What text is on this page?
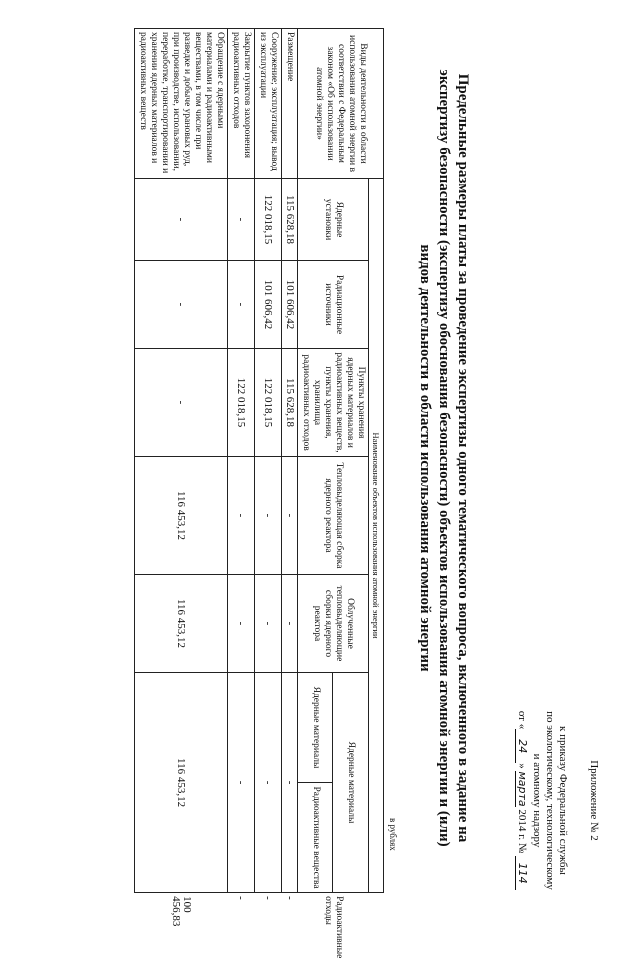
Приложение № 2
к приказу Федеральной службы
по экологическому, технологическому
и атомному надзору
от «24» марта 2014 г. № 114
Предельные размеры платы за проведение экспертизы одного тематического вопроса, включенного в задание на экспертизу безопасности (экспертизу обоснования безопасности) объектов использования атомной энергии и (или) видов деятельности в области использования атомной энергии
в рублях
Виды деятельности в области использования атомной энергии в соответствии с Федеральным законом «Об использовании атомной энергии»	Наименование объектов использования атомной энергии							
	Ядерные установки	Радиационные источники	Пункты хранения ядерных материалов и радиоактивных веществ, пункты хранения, хранилища радиоактивных отходов	Тепловыделяющая сборка ядерного реактора	Облученные тепловыделяющие сборки ядерного реактора	Ядерные материалы		Радиоактивные отходы
						Ядерные материалы	Радиоактивные вещества	
Размещение	115 628,18	101 606,42	115 628,18	-	-	-		-
Сооружение; эксплуатация; вывод из эксплуатации	122 018,15	101 606,42	122 018,15	-	-	-		-
Закрытие пунктов захоронения радиоактивных отходов	-	-	122 018,15	-	-	-		-
Обращение с ядерными материалами и радиоактивными веществами, в том числе при разведке и добыче урановых руд, при производстве, использовании, переработке, транспортировании и хранении ядерных материалов и радиоактивных веществ	-	-	-	116 453,12	116 453,12	116 453,12		100 456,83
